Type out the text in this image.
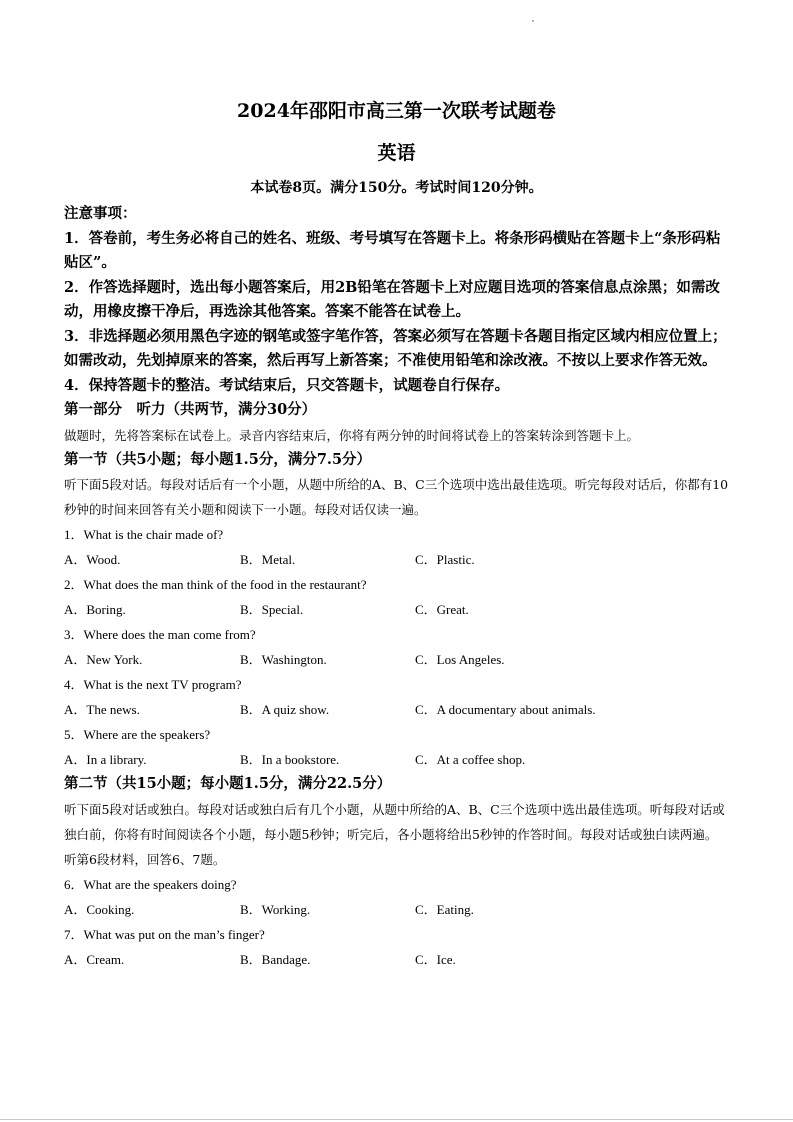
2024年邵阳市高三第一次联考试题卷
英语
本试卷8页。满分150分。考试时间120分钟。

注意事项：

1．答卷前，考生务必将自己的姓名、班级、考号填写在答题卡上。将条形码横贴在答题卡上“条形码粘贴区”。

2．作答选择题时，选出每小题答案后，用2B铅笔在答题卡上对应题目选项的答案信息点涂黑；如需改动，用橡皮擦干净后，再选涂其他答案。答案不能答在试卷上。

3．非选择题必须用黑色字迹的钢笔或签字笔作答，答案必须写在答题卡各题目指定区域内相应位置上；如需改动，先划掉原来的答案，然后再写上新答案；不准使用铅笔和涂改液。不按以上要求作答无效。

4．保持答题卡的整洁。考试结束后，只交答题卡，试题卷自行保存。

第一部分　听力（共两节，满分30分）

做题时，先将答案标在试卷上。录音内容结束后，你将有两分钟的时间将试卷上的答案转涂到答题卡上。

第一节（共5小题；每小题1.5分，满分7.5分）

听下面5段对话。每段对话后有一个小题，从题中所给的A、B、C三个选项中选出最佳选项。听完每段对话后，你都有10秒钟的时间来回答有关小题和阅读下一小题。每段对话仅读一遍。

1．What is the chair made of?

A．Wood.	B．Metal.	C．Plastic.

2．What does the man think of the food in the restaurant?

A．Boring.	B．Special.	C．Great.

3．Where does the man come from?

A．New York.	B．Washington.	C．Los Angeles.

4．What is the next TV program?

A．The news.	B．A quiz show.	C．A documentary about animals.

5．Where are the speakers?

A．In a library.	B．In a bookstore.	C．At a coffee shop.

第二节（共15小题；每小题1.5分，满分22.5分）

听下面5段对话或独白。每段对话或独白后有几个小题，从题中所给的A、B、C三个选项中选出最佳选项。听每段对话或独白前，你将有时间阅读各个小题，每小题5秒钟；听完后，各小题将给出5秒钟的作答时间。每段对话或独白读两遍。

听第6段材料，回答6、7题。

6．What are the speakers doing?

A．Cooking.	B．Working.	C．Eating.

7．What was put on the man’s finger?

A．Cream.	B．Bandage.	C．Ice.
